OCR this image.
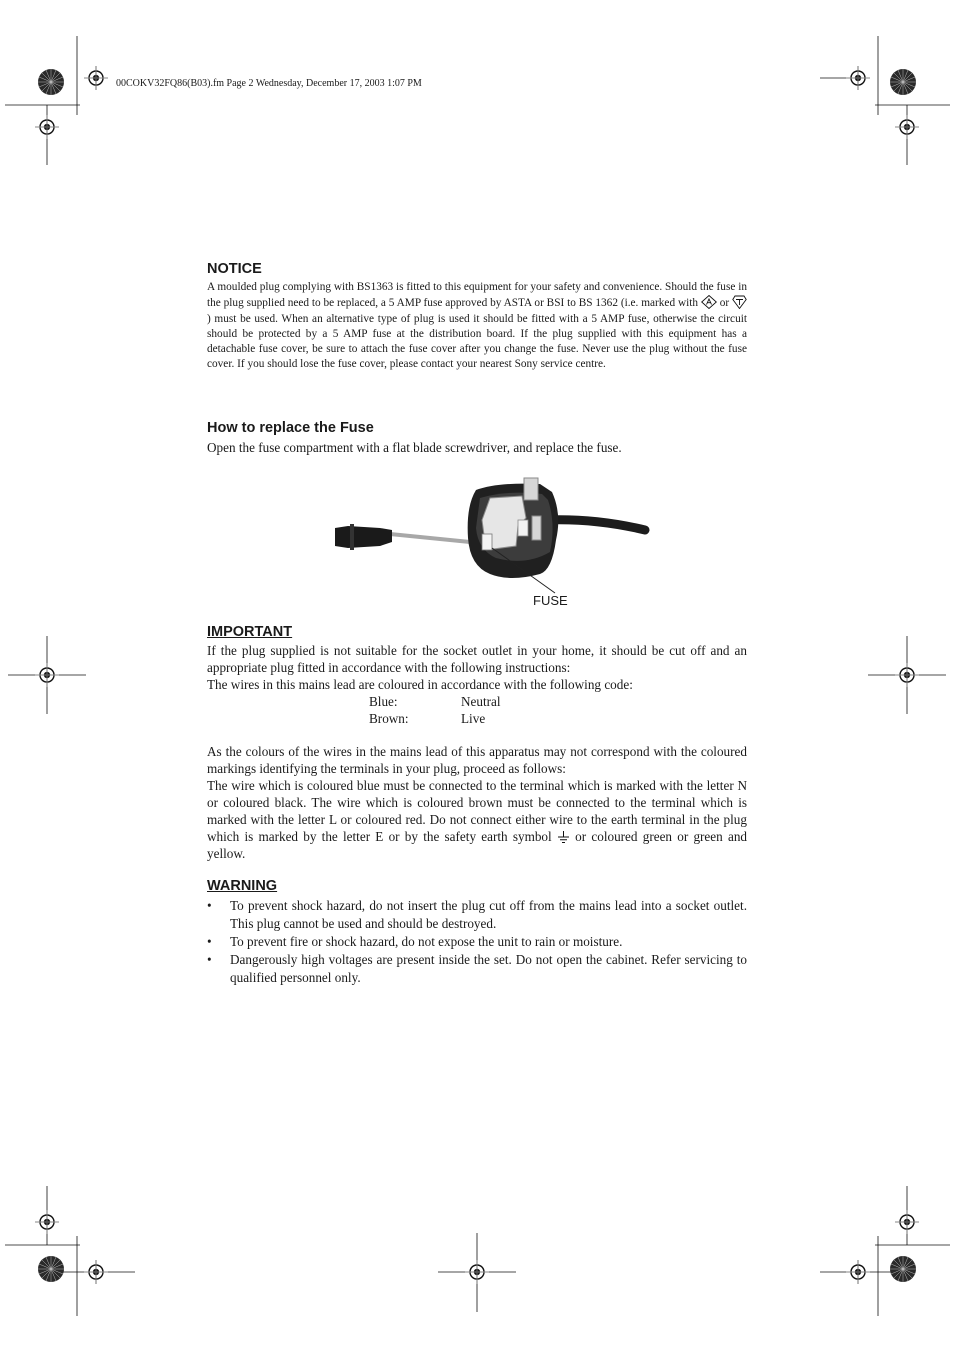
00COKV32FQ86(B03).fm Page 2 Wednesday, December 17, 2003 1:07 PM
NOTICE
A moulded plug complying with BS1363 is fitted to this equipment for your safety and convenience. Should the fuse in the plug supplied need to be replaced, a 5 AMP fuse approved by ASTA or BSI to BS 1362 (i.e. marked with or ) must be used. When an alternative type of plug is used it should be fitted with a 5 AMP fuse, otherwise the circuit should be protected by a 5 AMP fuse at the distribution board. If the plug supplied with this equipment has a detachable fuse cover, be sure to attach the fuse cover after you change the fuse. Never use the plug without the fuse cover. If you should lose the fuse cover, please contact your nearest Sony service centre.
How to replace the Fuse
Open the fuse compartment with a flat blade screwdriver, and replace the fuse.
FUSE
IMPORTANT
If the plug supplied is not suitable for the socket outlet in your home, it should be cut off and an appropriate plug fitted in accordance with the following instructions:
The wires in this mains lead are coloured in accordance with the following code:
Blue:	Neutral
Brown:	Live
As the colours of the wires in the mains lead of this apparatus may not correspond with the coloured markings identifying the terminals in your plug, proceed as follows:
The wire which is coloured blue must be connected to the terminal which is marked with the letter N or coloured black. The wire which is coloured brown must be connected to the terminal which is marked with the letter L or coloured red. Do not connect either wire to the earth terminal in the plug which is marked by the letter E or by the safety earth symbol or coloured green or green and yellow.
WARNING
• To prevent shock hazard, do not insert the plug cut off from the mains lead into a socket outlet. This plug cannot be used and should be destroyed.
• To prevent fire or shock hazard, do not expose the unit to rain or moisture.
• Dangerously high voltages are present inside the set. Do not open the cabinet. Refer servicing to qualified personnel only.
